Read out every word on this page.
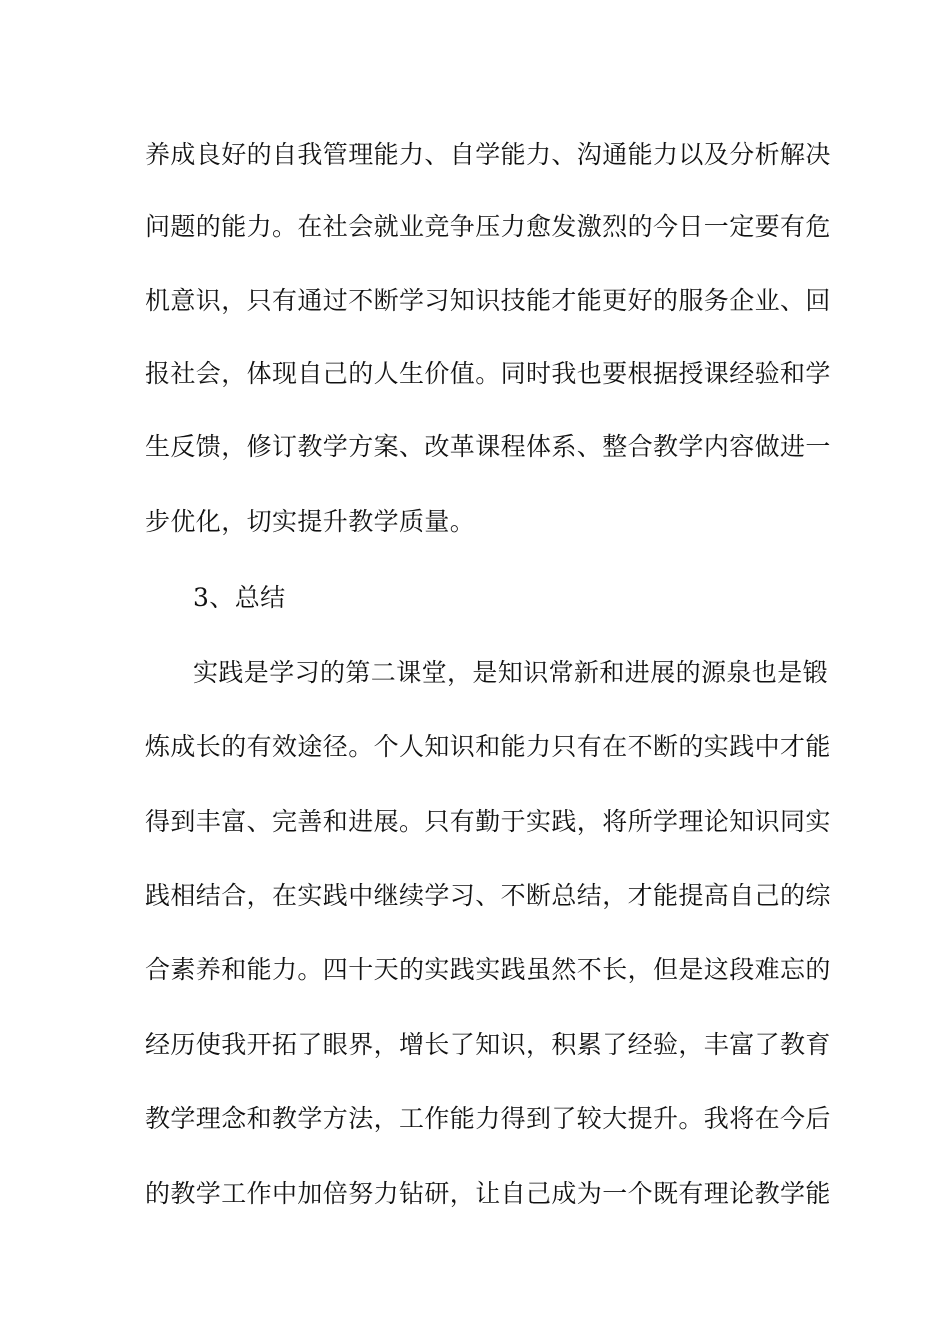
养成良好的自我管理能力、自学能力、沟通能力以及分析解决
问题的能力。在社会就业竞争压力愈发激烈的今日一定要有危
机意识，只有通过不断学习知识技能才能更好的服务企业、回
报社会，体现自己的人生价值。同时我也要根据授课经验和学
生反馈，修订教学方案、改革课程体系、整合教学内容做进一
步优化，切实提升教学质量。
3、总结
实践是学习的第二课堂，是知识常新和进展的源泉也是锻
炼成长的有效途径。个人知识和能力只有在不断的实践中才能
得到丰富、完善和进展。只有勤于实践，将所学理论知识同实
践相结合，在实践中继续学习、不断总结，才能提高自己的综
合素养和能力。四十天的实践实践虽然不长，但是这段难忘的
经历使我开拓了眼界，增长了知识，积累了经验，丰富了教育
教学理念和教学方法，工作能力得到了较大提升。我将在今后
的教学工作中加倍努力钻研，让自己成为一个既有理论教学能
